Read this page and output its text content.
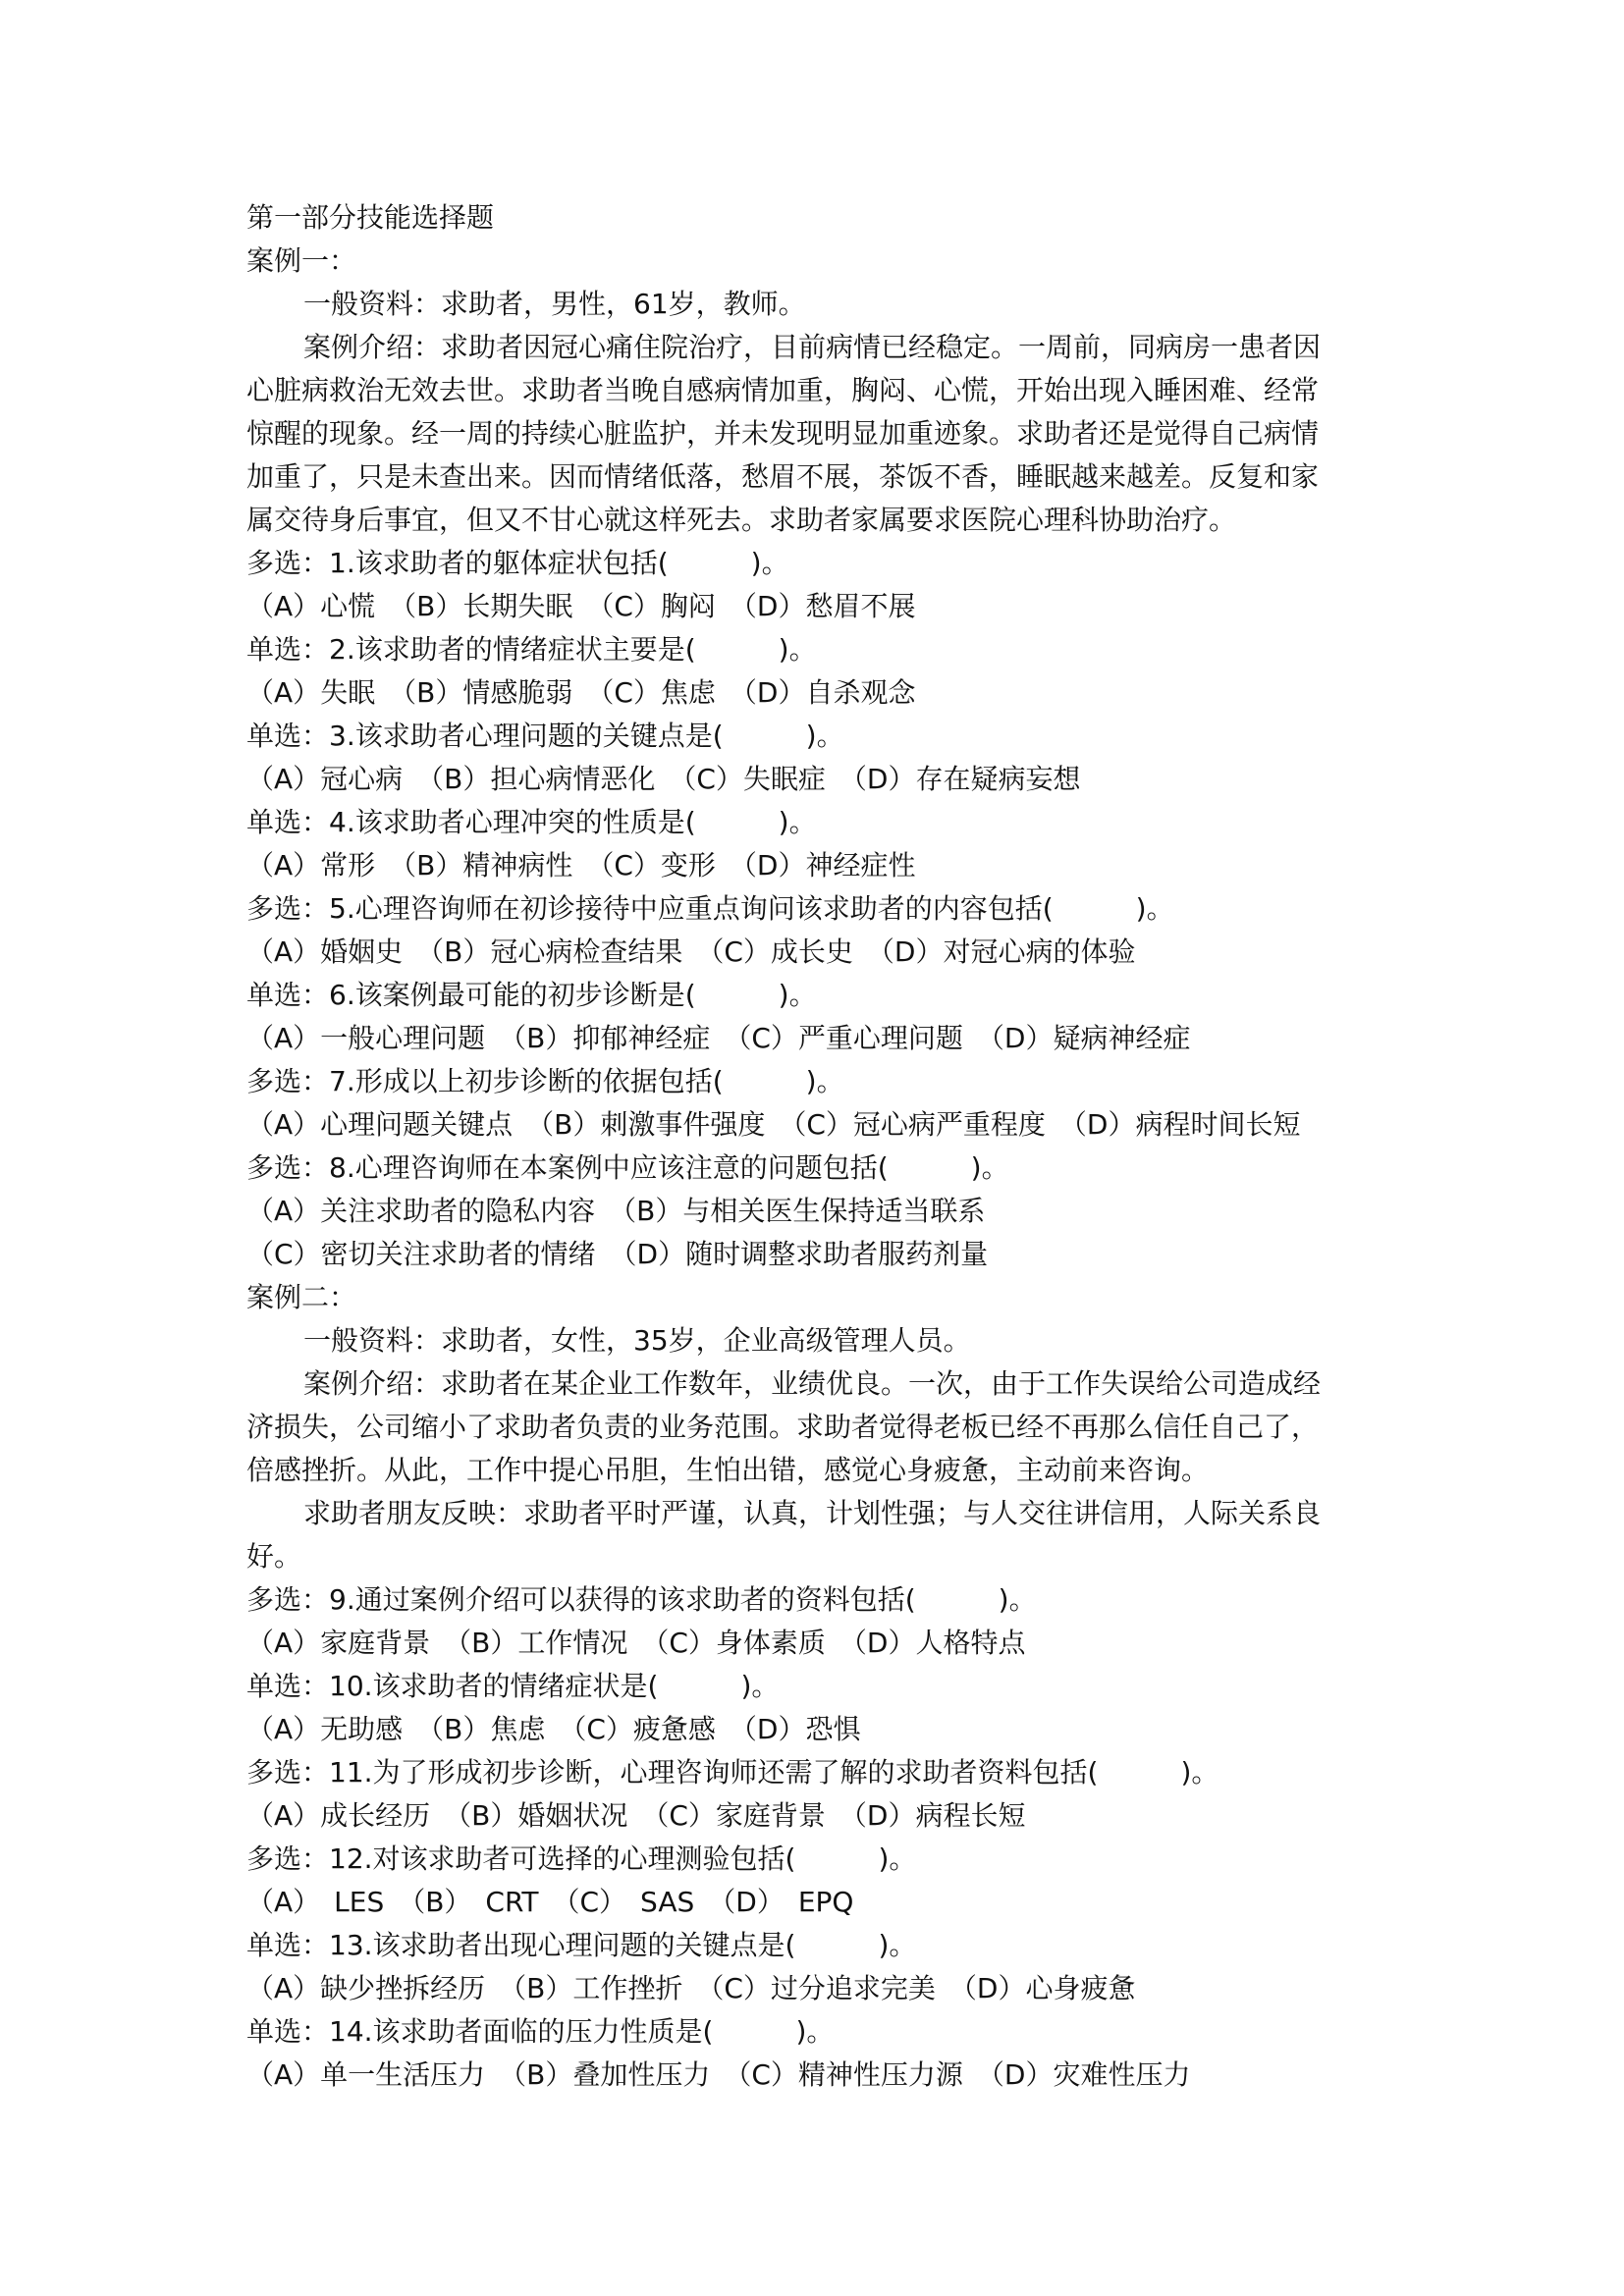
第一部分技能选择题
案例一：
一般资料：求助者，男性，61岁，教师。
案例介绍：求助者因冠心痛住院治疗，目前病情已经稳定。一周前，同病房一患者因
心脏病救治无效去世。求助者当晚自感病情加重，胸闷、心慌，开始出现入睡困难、经常
惊醒的现象。经一周的持续心脏监护，并未发现明显加重迹象。求助者还是觉得自己病情
加重了，只是未查出来。因而情绪低落，愁眉不展，茶饭不香，睡眠越来越差。反复和家
属交待身后事宜，但又不甘心就这样死去。求助者家属要求医院心理科协助治疗。
多选：1.该求助者的躯体症状包括(　　　)。
（A）心慌　（B）长期失眠　（C）胸闷　（D）愁眉不展
单选：2.该求助者的情绪症状主要是(　　　)。
（A）失眠　（B）情感脆弱　（C）焦虑　（D）自杀观念
单选：3.该求助者心理问题的关键点是(　　　)。
（A）冠心病　（B）担心病情恶化　（C）失眠症　（D）存在疑病妄想
单选：4.该求助者心理冲突的性质是(　　　)。
（A）常形　（B）精神病性　（C）变形　（D）神经症性
多选：5.心理咨询师在初诊接待中应重点询问该求助者的内容包括(　　　)。
（A）婚姻史　（B）冠心病检查结果　（C）成长史　（D）对冠心病的体验
单选：6.该案例最可能的初步诊断是(　　　)。
（A）一般心理问题　（B）抑郁神经症　（C）严重心理问题　（D）疑病神经症
多选：7.形成以上初步诊断的依据包括(　　　)。
（A）心理问题关键点　（B）刺激事件强度　（C）冠心病严重程度　（D）病程时间长短
多选：8.心理咨询师在本案例中应该注意的问题包括(　　　)。
（A）关注求助者的隐私内容　（B）与相关医生保持适当联系
（C）密切关注求助者的情绪　（D）随时调整求助者服药剂量
案例二：
一般资料：求助者，女性，35岁，企业高级管理人员。
案例介绍：求助者在某企业工作数年，业绩优良。一次，由于工作失误给公司造成经
济损失，公司缩小了求助者负责的业务范围。求助者觉得老板已经不再那么信任自己了，
倍感挫折。从此，工作中提心吊胆，生怕出错，感觉心身疲惫，主动前来咨询。
求助者朋友反映：求助者平时严谨，认真，计划性强；与人交往讲信用，人际关系良
好。
多选：9.通过案例介绍可以获得的该求助者的资料包括(　　　)。
（A）家庭背景　（B）工作情况　（C）身体素质　（D）人格特点
单选：10.该求助者的情绪症状是(　　　)。
（A）无助感　（B）焦虑　（C）疲惫感　（D）恐惧
多选：11.为了形成初步诊断，心理咨询师还需了解的求助者资料包括(　　　)。
（A）成长经历　（B）婚姻状况　（C）家庭背景　（D）病程长短
多选：12.对该求助者可选择的心理测验包括(　　　)。
（A）　LES　（B）　CRT　（C）　SAS　（D）　EPQ
单选：13.该求助者出现心理问题的关键点是(　　　)。
（A）缺少挫拆经历　（B）工作挫折　（C）过分追求完美　（D）心身疲惫
单选：14.该求助者面临的压力性质是(　　　)。
（A）单一生活压力　（B）叠加性压力　（C）精神性压力源　（D）灾难性压力
